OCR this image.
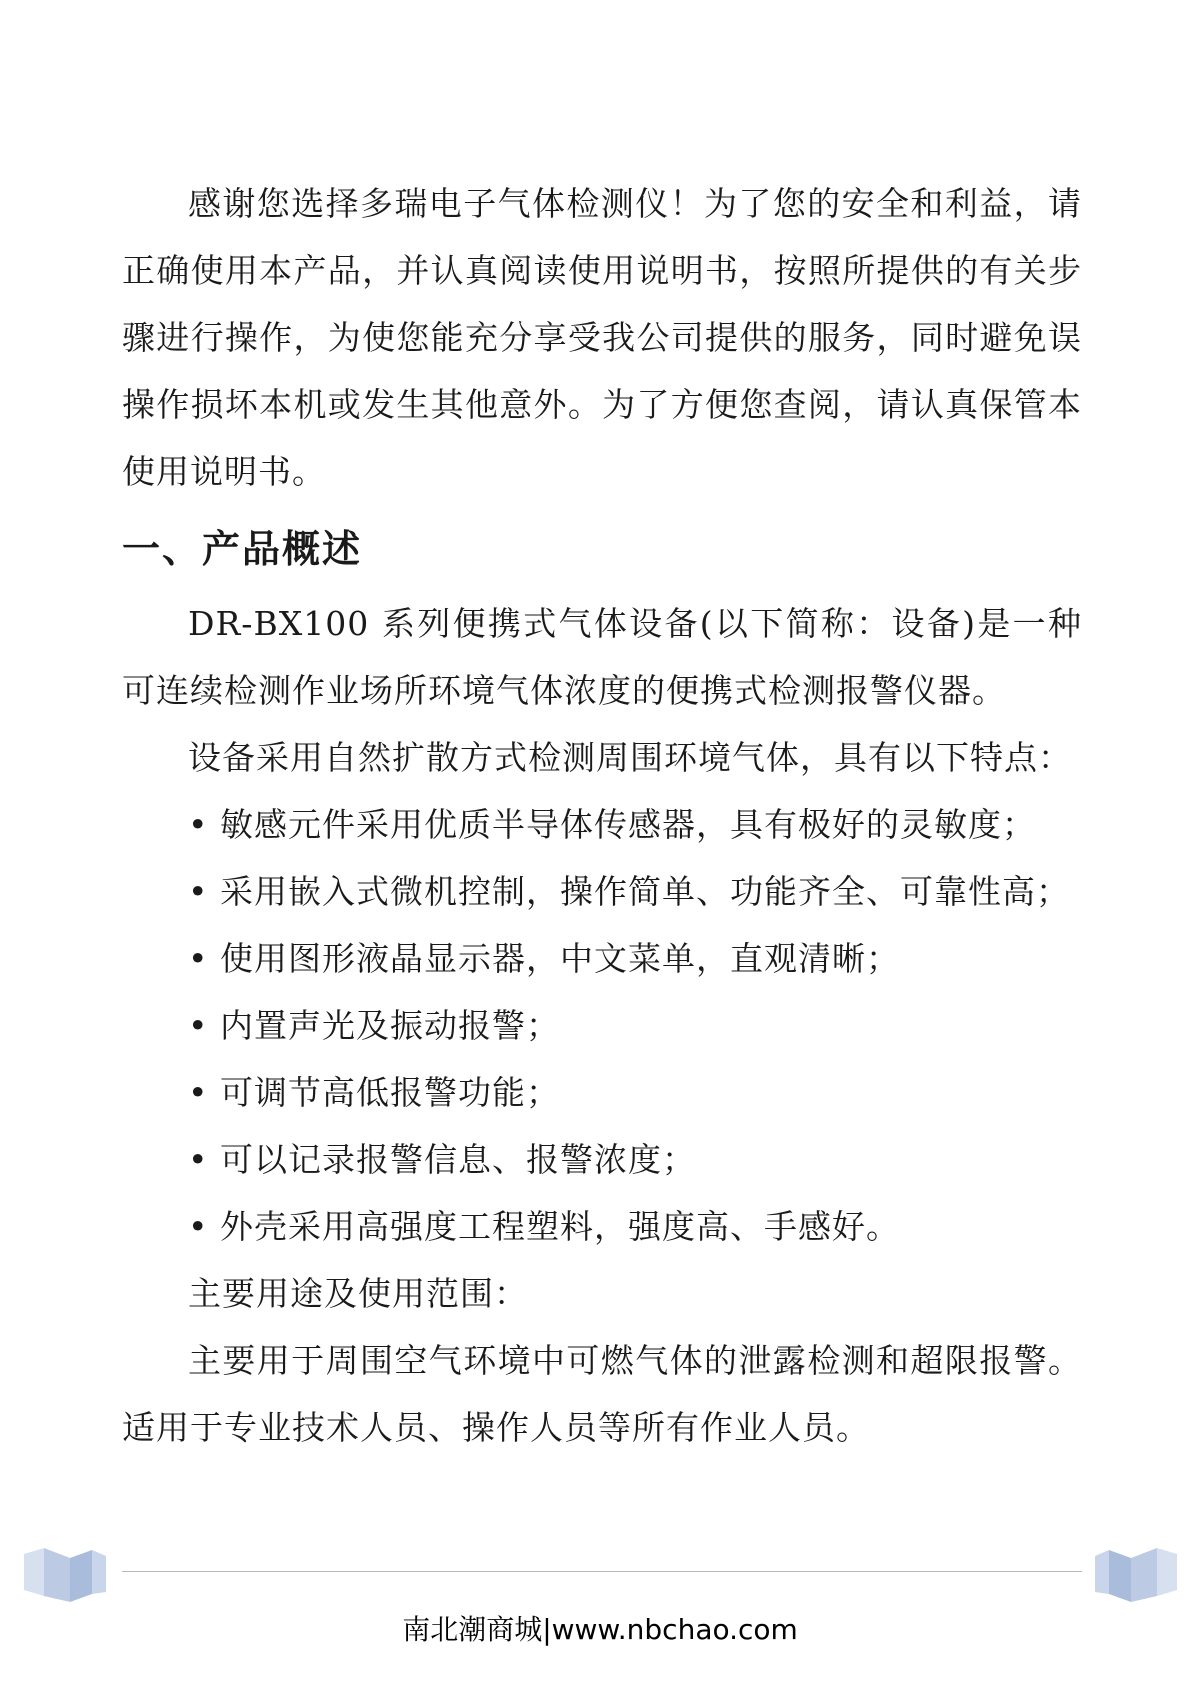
感谢您选择多瑞电子气体检测仪！为了您的安全和利益，请正确使用本产品，并认真阅读使用说明书，按照所提供的有关步骤进行操作，为使您能充分享受我公司提供的服务，同时避免误操作损坏本机或发生其他意外。为了方便您查阅，请认真保管本使用说明书。

一、产品概述

DR-BX100 系列便携式气体设备(以下简称：设备)是一种可连续检测作业场所环境气体浓度的便携式检测报警仪器。

设备采用自然扩散方式检测周围环境气体，具有以下特点：

• 敏感元件采用优质半导体传感器，具有极好的灵敏度；
• 采用嵌入式微机控制，操作简单、功能齐全、可靠性高；
• 使用图形液晶显示器，中文菜单，直观清晰；
• 内置声光及振动报警；
• 可调节高低报警功能；
• 可以记录报警信息、报警浓度；
• 外壳采用高强度工程塑料，强度高、手感好。

主要用途及使用范围：

主要用于周围空气环境中可燃气体的泄露检测和超限报警。适用于专业技术人员、操作人员等所有作业人员。

南北潮商城|www.nbchao.com
